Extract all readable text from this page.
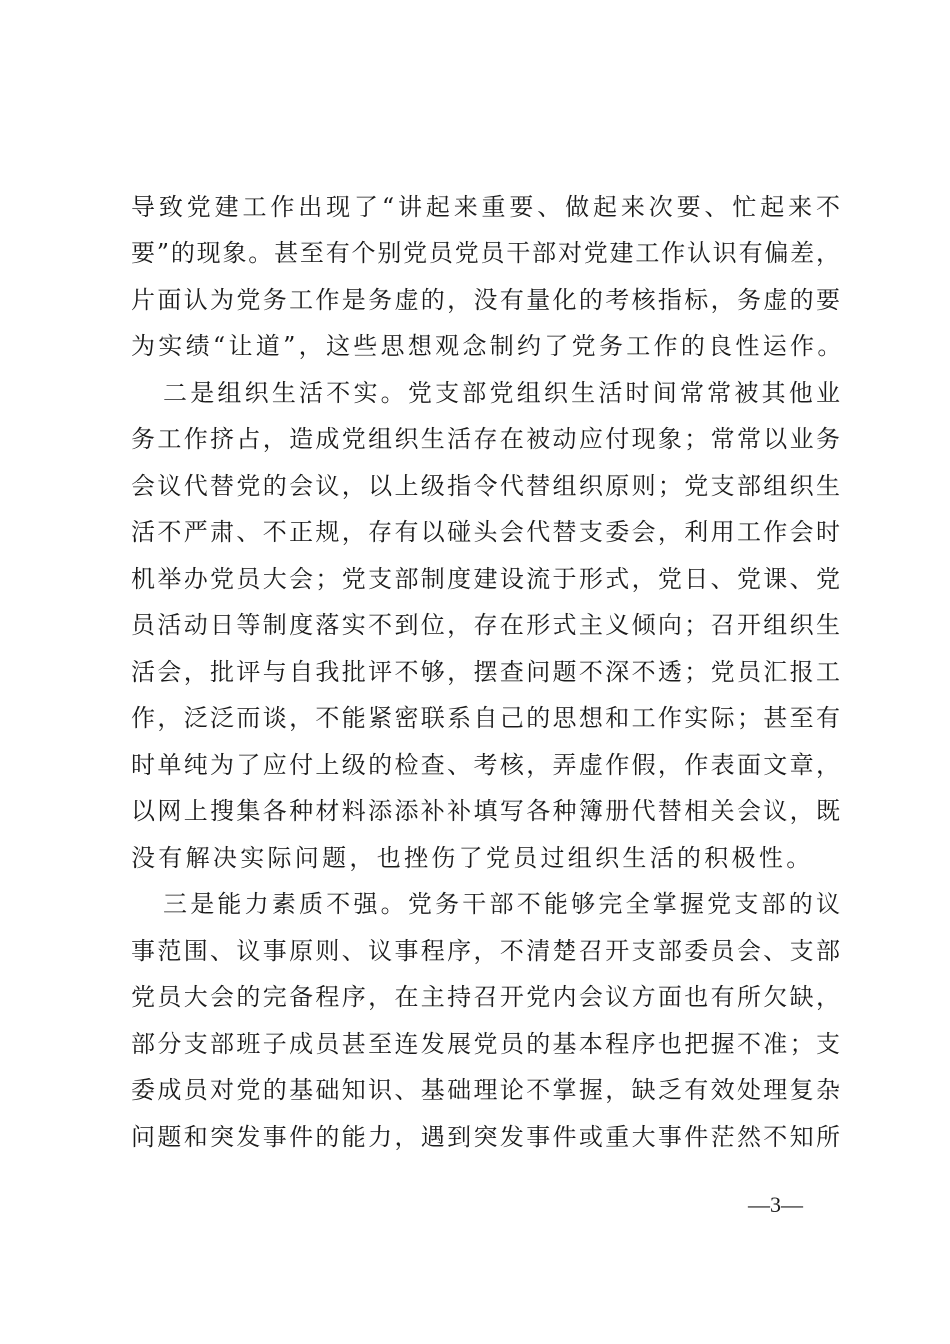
导致党建工作出现了“讲起来重要、做起来次要、忙起来不
要”的现象。甚至有个别党员党员干部对党建工作认识有偏差，
片面认为党务工作是务虚的，没有量化的考核指标，务虚的要
为实绩“让道”，这些思想观念制约了党务工作的良性运作。
二是组织生活不实。党支部党组织生活时间常常被其他业
务工作挤占，造成党组织生活存在被动应付现象；常常以业务
会议代替党的会议，以上级指令代替组织原则；党支部组织生
活不严肃、不正规，存有以碰头会代替支委会，利用工作会时
机举办党员大会；党支部制度建设流于形式，党日、党课、党
员活动日等制度落实不到位，存在形式主义倾向；召开组织生
活会，批评与自我批评不够，摆查问题不深不透；党员汇报工
作，泛泛而谈，不能紧密联系自己的思想和工作实际；甚至有
时单纯为了应付上级的检查、考核，弄虚作假，作表面文章，
以网上搜集各种材料添添补补填写各种簿册代替相关会议，既
没有解决实际问题，也挫伤了党员过组织生活的积极性。
三是能力素质不强。党务干部不能够完全掌握党支部的议
事范围、议事原则、议事程序，不清楚召开支部委员会、支部
党员大会的完备程序，在主持召开党内会议方面也有所欠缺，
部分支部班子成员甚至连发展党员的基本程序也把握不准；支
委成员对党的基础知识、基础理论不掌握，缺乏有效处理复杂
问题和突发事件的能力，遇到突发事件或重大事件茫然不知所
—3—
